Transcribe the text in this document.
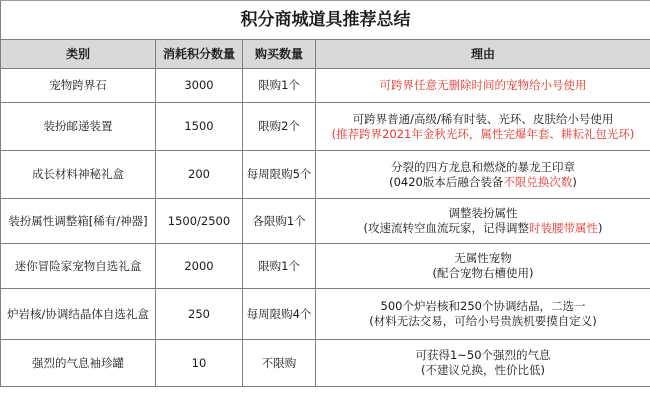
积分商城道具推荐总结			
类别	消耗积分数量	购买数量	理由
宠物跨界石	3000	限购1个	可跨界任意无删除时间的宠物给小号使用

装扮邮递装置	1500	限购2个	可跨界普通/高级/稀有时装、光环、皮肤给小号使用
(推荐跨界2021年金秋光环，属性完爆年套、耕耘礼包光环)

成长材料神秘礼盒	200	每周限购5个	分裂的四方龙息和燃烧的暴龙王印章
(0420版本后融合装备不限兑换次数)

装扮属性调整箱[稀有/神器]	1500/2500	各限购1个	调整装扮属性
(攻速流转空血流玩家，记得调整时装腰带属性)

迷你冒险家宠物自选礼盒	2000	限购1个	无属性宠物
(配合宠物右槽使用)

炉岩核/协调结晶体自选礼盒	250	每周限购4个	500个炉岩核和250个协调结晶，二选一
(材料无法交易，可给小号贵族机要摸自定义)

强烈的气息袖珍罐	10	不限购	可获得1~50个强烈的气息
(不建议兑换，性价比低)
